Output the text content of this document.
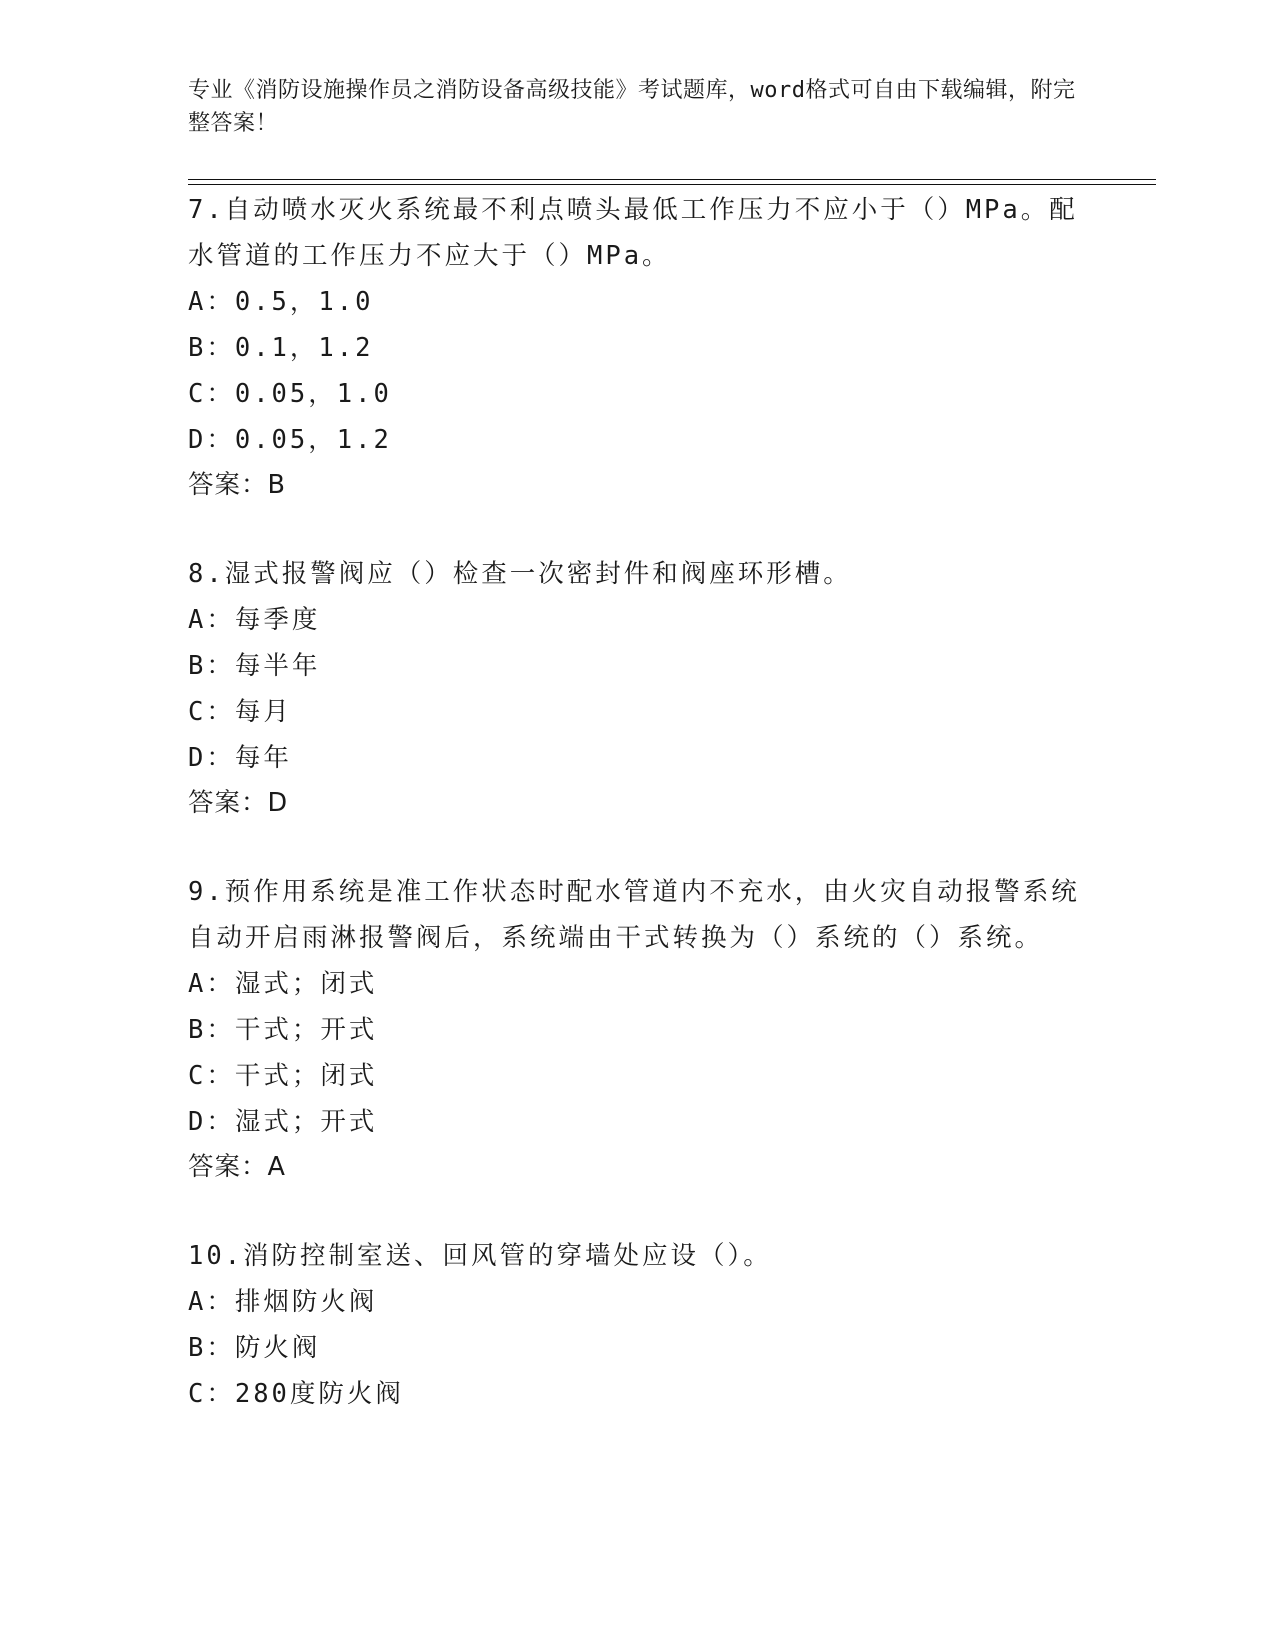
专业《消防设施操作员之消防设备高级技能》考试题库，word格式可自由下载编辑，附完整答案！

7.自动喷水灭火系统最不利点喷头最低工作压力不应小于（）MPa。配水管道的工作压力不应大于（）MPa。

A：0.5，1.0

B：0.1，1.2

C：0.05，1.0

D：0.05，1.2

答案：B

8.湿式报警阀应（）检查一次密封件和阀座环形槽。

A：每季度

B：每半年

C：每月

D：每年

答案：D

9.预作用系统是准工作状态时配水管道内不充水，由火灾自动报警系统自动开启雨淋报警阀后，系统端由干式转换为（）系统的（）系统。

A：湿式；闭式

B：干式；开式

C：干式；闭式

D：湿式；开式

答案：A

10.消防控制室送、回风管的穿墙处应设（）。

A：排烟防火阀

B：防火阀

C：280度防火阀
